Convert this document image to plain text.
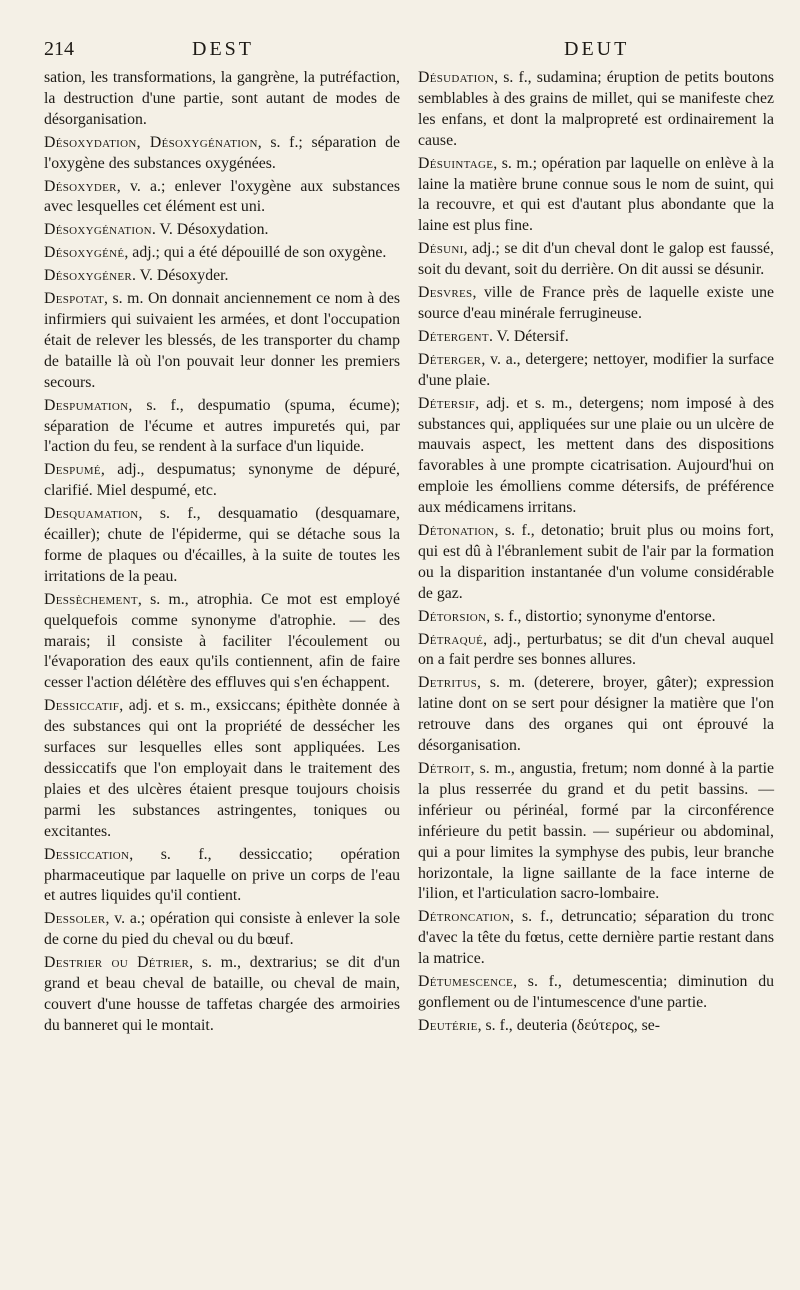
214	DEST	DEUT

sation, les transformations, la gangrène, la putréfaction, la destruction d'une partie, sont autant de modes de désorganisation.

Désoxydation, Désoxygénation, s. f.; séparation de l'oxygène des substances oxygénées.

Désoxyder, v. a.; enlever l'oxygène aux substances avec lesquelles cet élément est uni.

Désoxygénation. V. Désoxydation.

Désoxygéné, adj.; qui a été dépouillé de son oxygène.

Désoxygéner. V. Désoxyder.

Despotat, s. m. On donnait anciennement ce nom à des infirmiers qui suivaient les armées, et dont l'occupation était de relever les blessés, de les transporter du champ de bataille là où l'on pouvait leur donner les premiers secours.

Despumation, s. f., despumatio (spuma, écume); séparation de l'écume et autres impuretés qui, par l'action du feu, se rendent à la surface d'un liquide.

Despumé, adj., despumatus; synonyme de dépuré, clarifié. Miel despumé, etc.

Desquamation, s. f., desquamatio (desquamare, écailler); chute de l'épiderme, qui se détache sous la forme de plaques ou d'écailles, à la suite de toutes les irritations de la peau.

Dessèchement, s. m., atrophia. Ce mot est employé quelquefois comme synonyme d'atrophie. — des marais; il consiste à faciliter l'écoulement ou l'évaporation des eaux qu'ils contiennent, afin de faire cesser l'action délétère des effluves qui s'en échappent.

Dessiccatif, adj. et s. m., exsiccans; épithète donnée à des substances qui ont la propriété de dessécher les surfaces sur lesquelles elles sont appliquées. Les dessiccatifs que l'on employait dans le traitement des plaies et des ulcères étaient presque toujours choisis parmi les substances astringentes, toniques ou excitantes.

Dessiccation, s. f., dessiccatio; opération pharmaceutique par laquelle on prive un corps de l'eau et autres liquides qu'il contient.

Dessoler, v. a.; opération qui consiste à enlever la sole de corne du pied du cheval ou du bœuf.

Destrier ou Détrier, s. m., dextrarius; se dit d'un grand et beau cheval de bataille, ou cheval de main, couvert d'une housse de taffetas chargée des armoiries du banneret qui le montait.

Désudation, s. f., sudamina; éruption de petits boutons semblables à des grains de millet, qui se manifeste chez les enfans, et dont la malpropreté est ordinairement la cause.

Désuintage, s. m.; opération par laquelle on enlève à la laine la matière brune connue sous le nom de suint, qui la recouvre, et qui est d'autant plus abondante que la laine est plus fine.

Désuni, adj.; se dit d'un cheval dont le galop est faussé, soit du devant, soit du derrière. On dit aussi se désunir.

Desvres, ville de France près de laquelle existe une source d'eau minérale ferrugineuse.

Détergent. V. Détersif.

Déterger, v. a., detergere; nettoyer, modifier la surface d'une plaie.

Détersif, adj. et s. m., detergens; nom imposé à des substances qui, appliquées sur une plaie ou un ulcère de mauvais aspect, les mettent dans des dispositions favorables à une prompte cicatrisation. Aujourd'hui on emploie les émolliens comme détersifs, de préférence aux médicamens irritans.

Détonation, s. f., detonatio; bruit plus ou moins fort, qui est dû à l'ébranlement subit de l'air par la formation ou la disparition instantanée d'un volume considérable de gaz.

Détorsion, s. f., distortio; synonyme d'entorse.

Détraqué, adj., perturbatus; se dit d'un cheval auquel on a fait perdre ses bonnes allures.

Detritus, s. m. (deterere, broyer, gâter); expression latine dont on se sert pour désigner la matière que l'on retrouve dans des organes qui ont éprouvé la désorganisation.

Détroit, s. m., angustia, fretum; nom donné à la partie la plus resserrée du grand et du petit bassins. — inférieur ou périnéal, formé par la circonférence inférieure du petit bassin. — supérieur ou abdominal, qui a pour limites la symphyse des pubis, leur branche horizontale, la ligne saillante de la face interne de l'ilion, et l'articulation sacro-lombaire.

Détroncation, s. f., detruncatio; séparation du tronc d'avec la tête du fœtus, cette dernière partie restant dans la matrice.

Détumescence, s. f., detumescentia; diminution du gonflement ou de l'intumescence d'une partie.

Deutérie, s. f., deuteria (δεύτερος, se-
